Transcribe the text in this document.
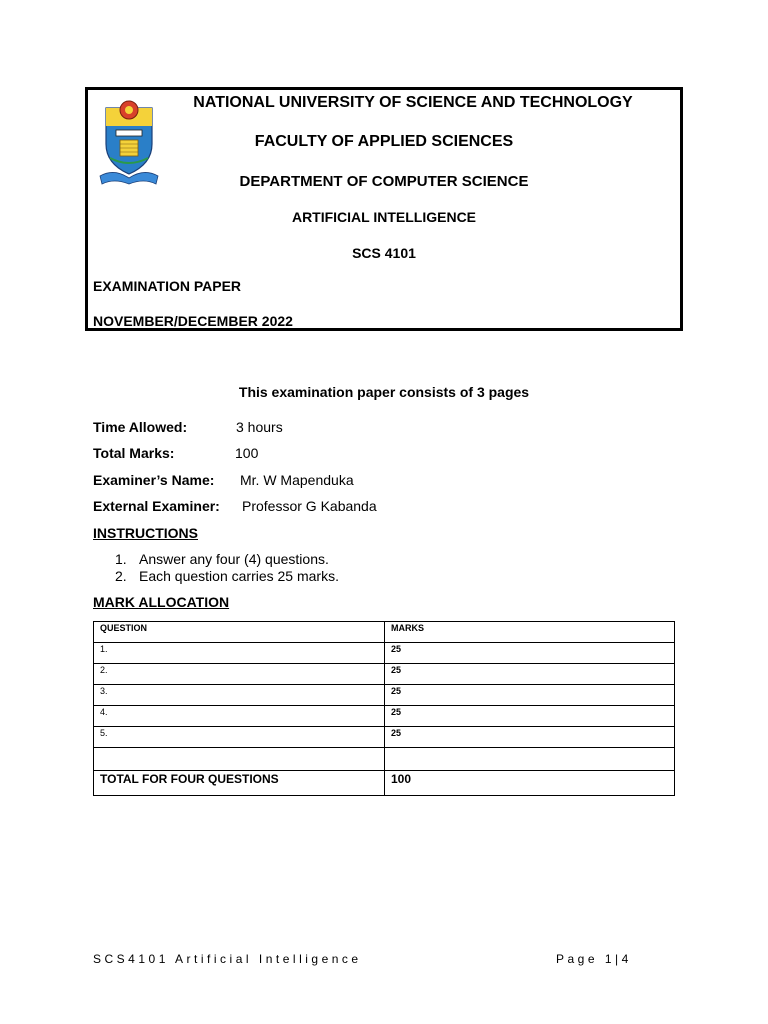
NATIONAL UNIVERSITY OF SCIENCE AND TECHNOLOGY
FACULTY OF APPLIED SCIENCES
DEPARTMENT OF COMPUTER SCIENCE
ARTIFICIAL INTELLIGENCE
SCS 4101
EXAMINATION PAPER
NOVEMBER/DECEMBER 2022
This examination paper consists of 3 pages
Time Allowed:	3 hours
Total Marks:	100
Examiner’s Name: Mr. W Mapenduka
External Examiner: Professor G Kabanda
INSTRUCTIONS
1. Answer any four (4) questions.
2. Each question carries 25 marks.
MARK ALLOCATION
QUESTION	MARKS

1.	25

2.	25

3.	25

4.	25

5.	25

TOTAL FOR FOUR QUESTIONS	100
SCS4101 Artificial Intelligence	Page 1|4
